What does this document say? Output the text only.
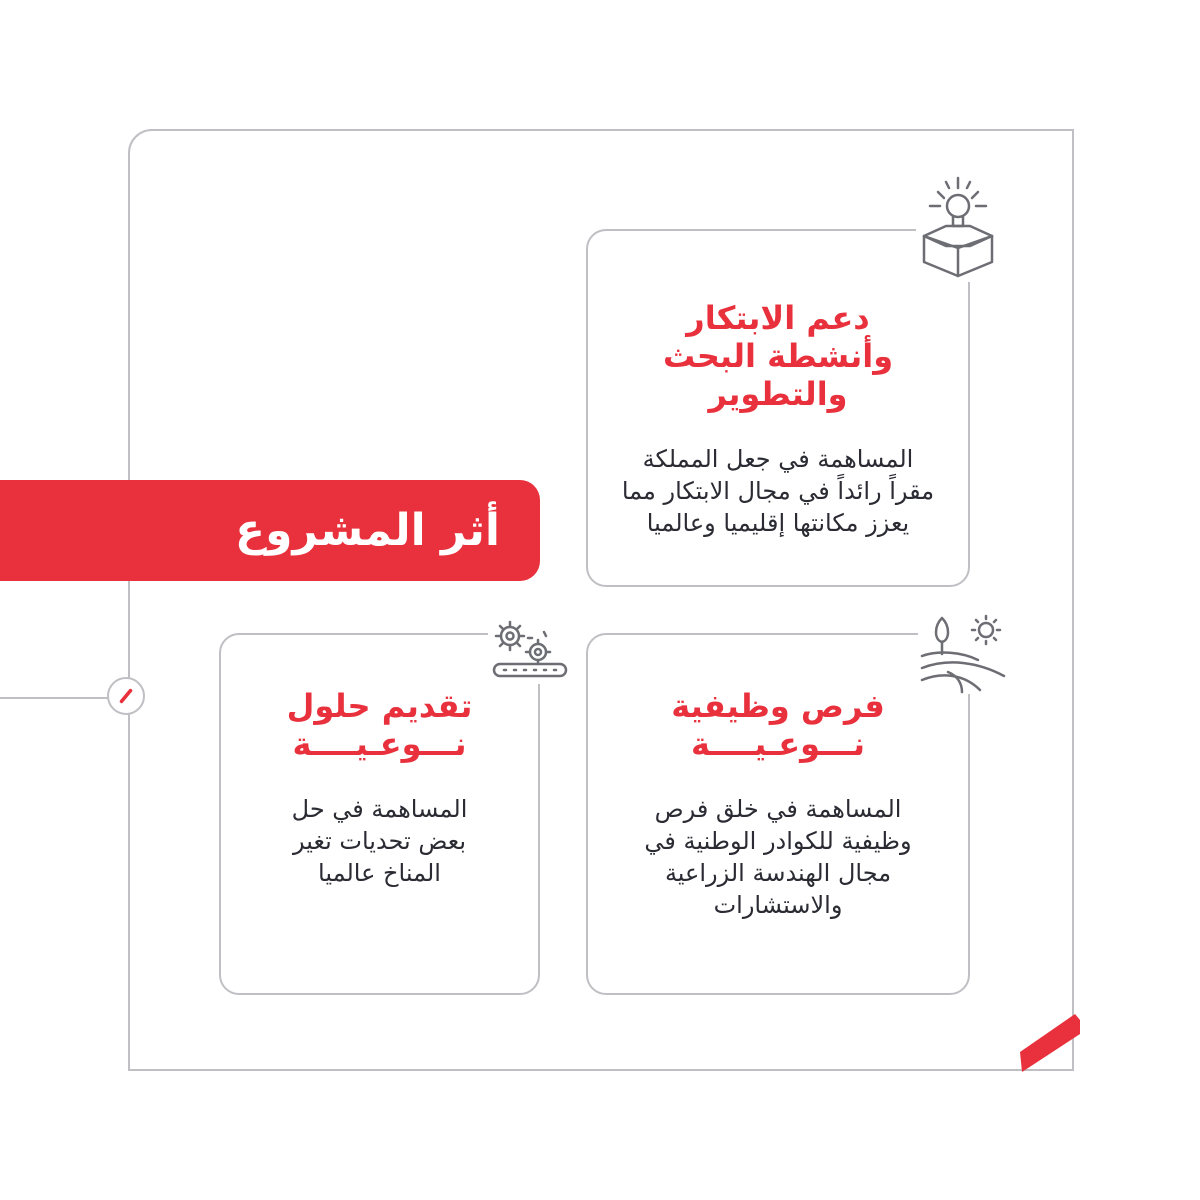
أثر المشروع
دعم الابتكار
وأنشطة البحث
والتطوير
المساهمة في جعل المملكة
مقراً رائداً في مجال الابتكار مما
يعزز مكانتها إقليميا وعالميا
فرص وظيفية
نـــوعـيــــة
المساهمة في خلق فرص
وظيفية للكوادر الوطنية في
مجال الهندسة الزراعية
والاستشارات
تقديم حلول
نـــوعـيــــة
المساهمة في حل
بعض تحديات تغير
المناخ عالميا
